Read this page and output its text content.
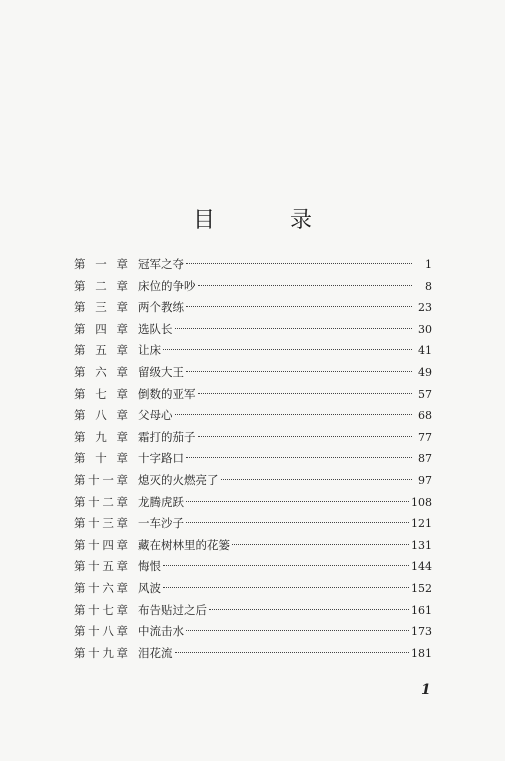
目 录
第一章 冠军之夺	1
第二章 床位的争吵	8
第三章 两个教练	23
第四章 选队长	30
第五章 让床	41
第六章 留级大王	49
第七章 倒数的亚军	57
第八章 父母心	68
第九章 霜打的茄子	77
第十章 十字路口	87
第十一章 熄灭的火燃亮了	97
第十二章 龙腾虎跃	108
第十三章 一车沙子	121
第十四章 藏在树林里的花篓	131
第十五章 悔恨	144
第十六章 风波	152
第十七章 布告贴过之后	161
第十八章 中流击水	173
第十九章 泪花流	181
1
